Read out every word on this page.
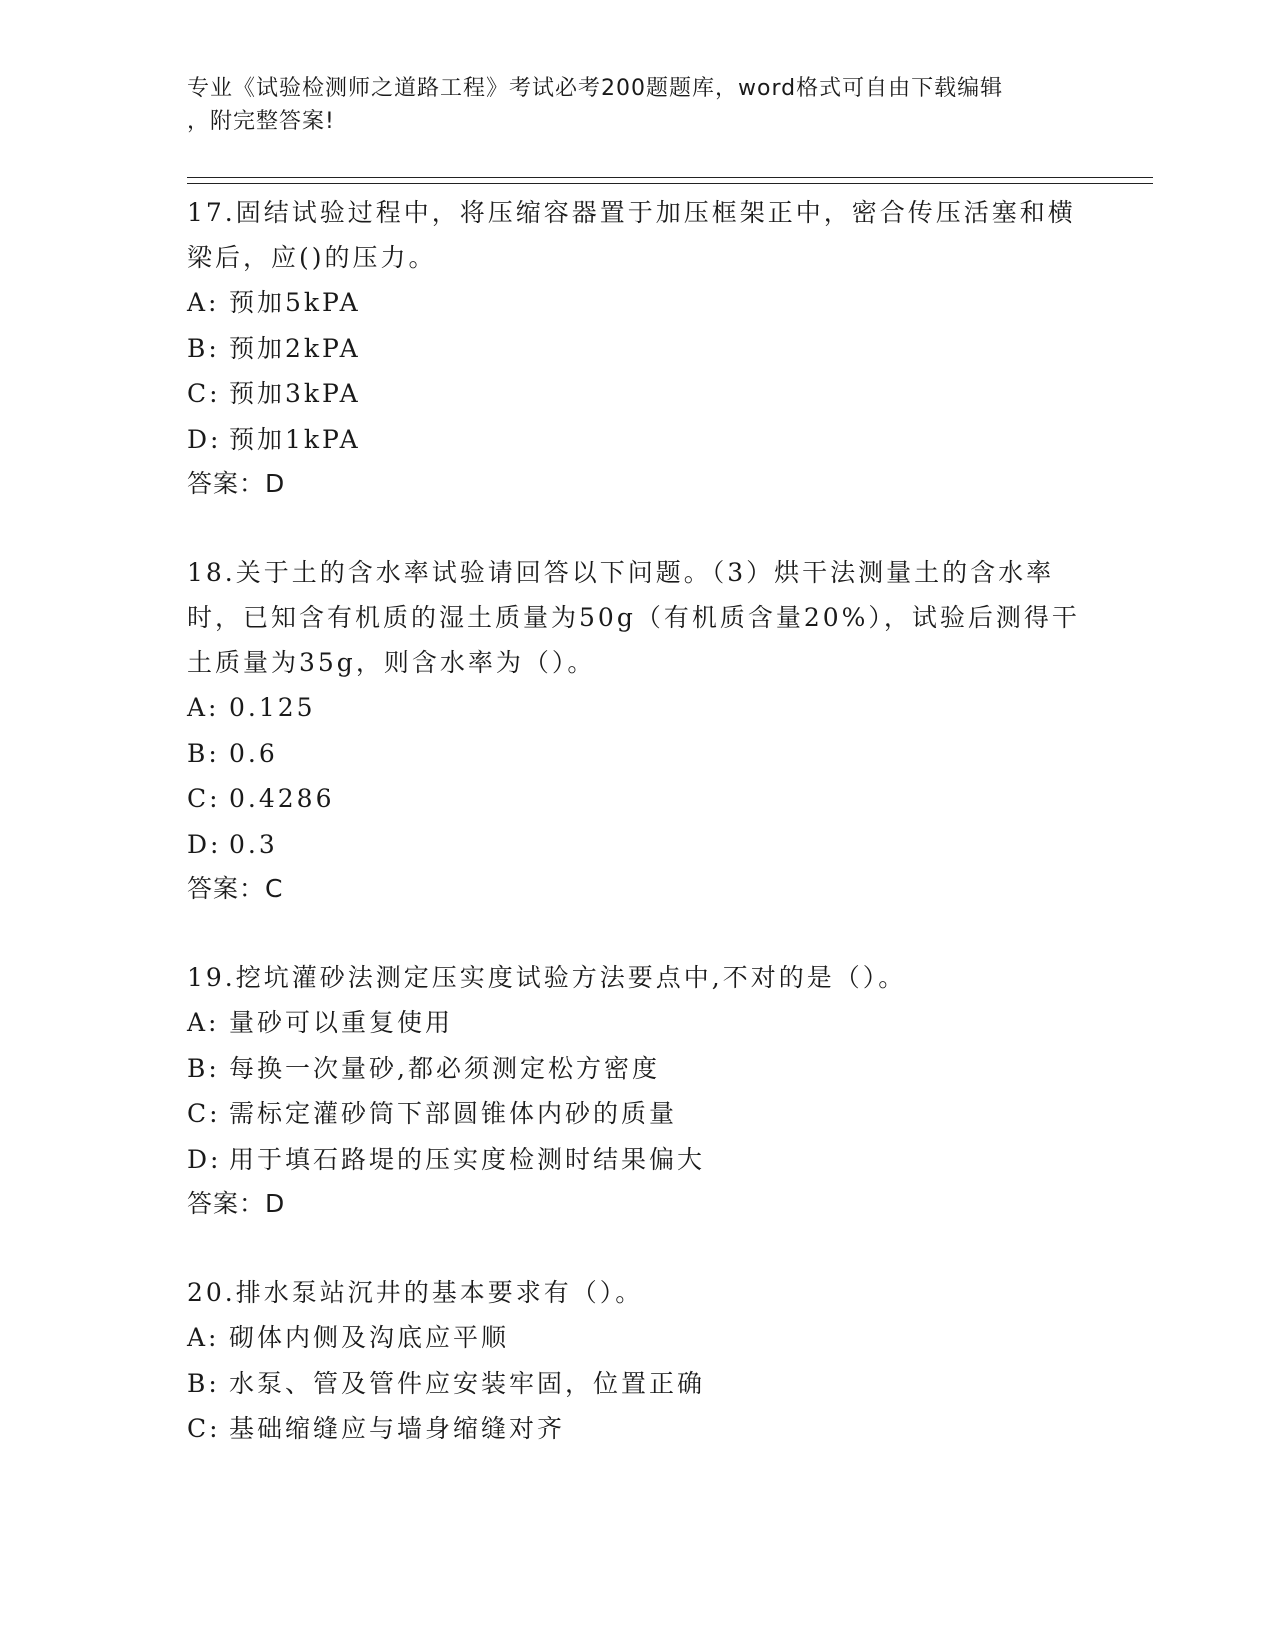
专业《试验检测师之道路工程》考试必考200题题库，word格式可自由下载编辑
，附完整答案!

17.固结试验过程中，将压缩容器置于加压框架正中，密合传压活塞和横梁后，应()的压力。

A: 预加5kPA
B: 预加2kPA
C: 预加3kPA
D: 预加1kPA
答案： D

18.关于土的含水率试验请回答以下问题。（3）烘干法测量土的含水率时，已知含有机质的湿土质量为50g（有机质含量20%），试验后测得干土质量为35g，则含水率为（）。

A: 0.125
B: 0.6
C: 0.4286
D: 0.3
答案： C

19.挖坑灌砂法测定压实度试验方法要点中,不对的是（）。

A: 量砂可以重复使用
B: 每换一次量砂,都必须测定松方密度
C: 需标定灌砂筒下部圆锥体内砂的质量
D: 用于填石路堤的压实度检测时结果偏大
答案： D

20.排水泵站沉井的基本要求有（）。

A: 砌体内侧及沟底应平顺
B: 水泵、管及管件应安装牢固，位置正确
C: 基础缩缝应与墙身缩缝对齐
